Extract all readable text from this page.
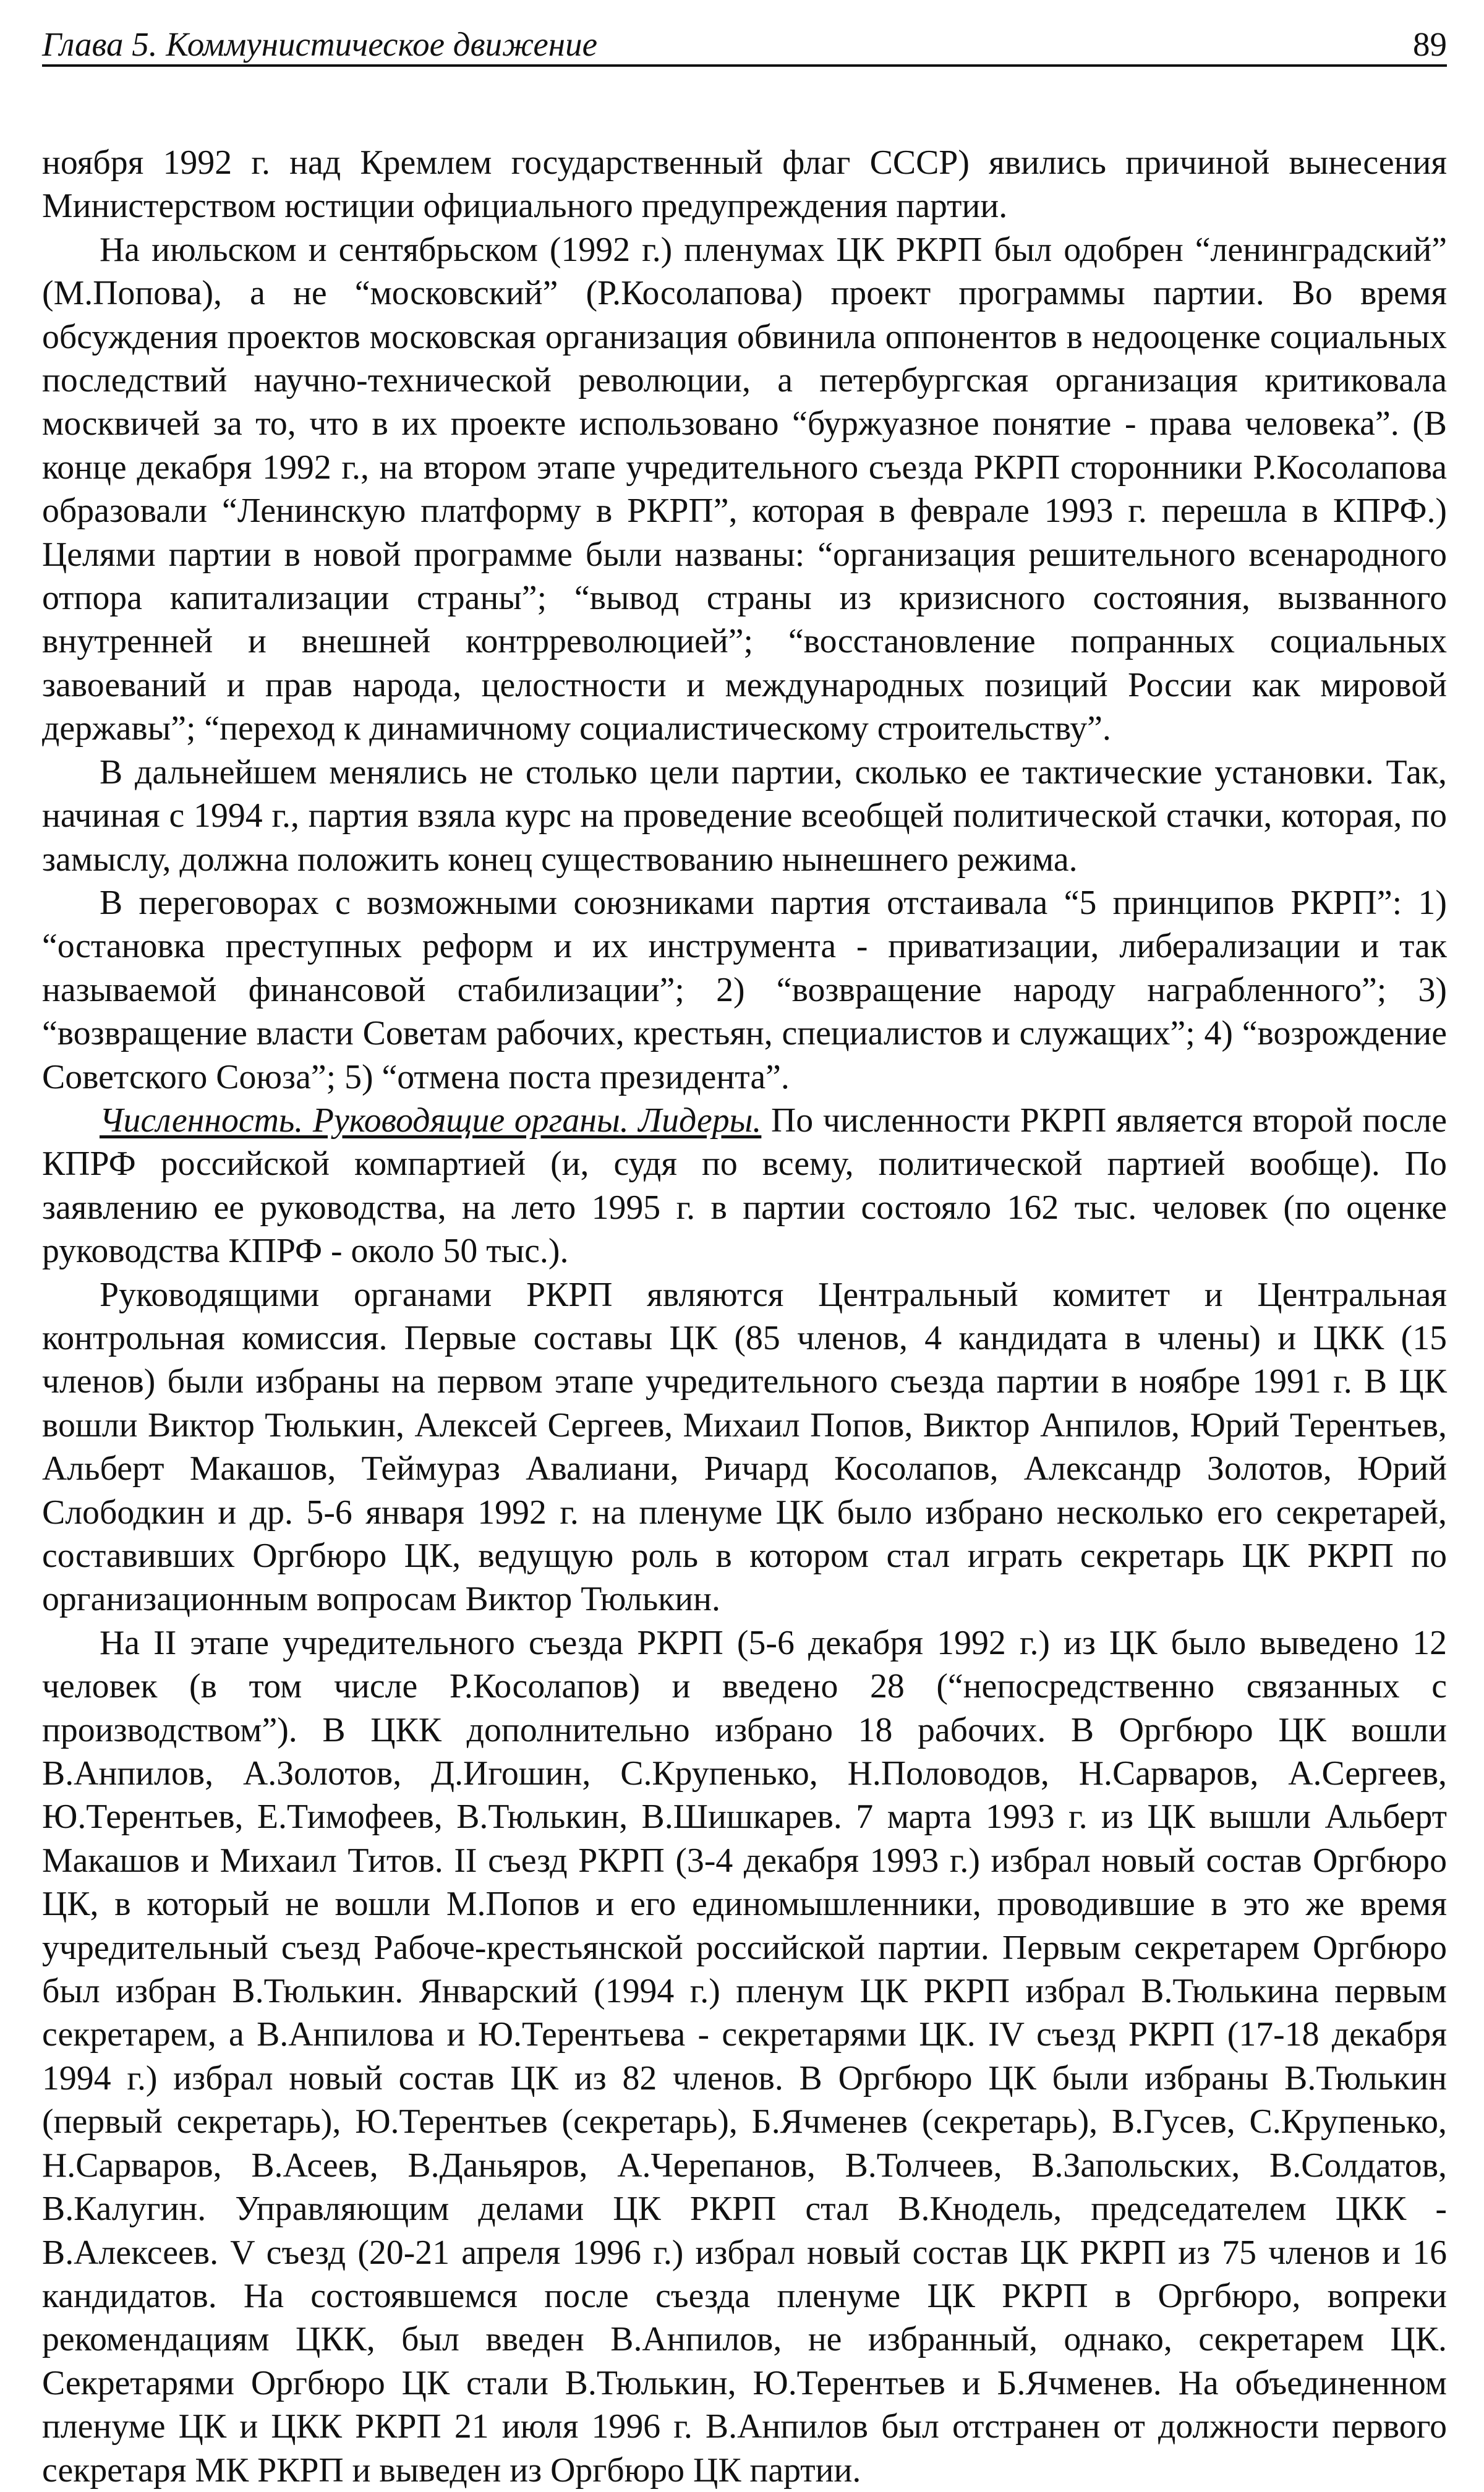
Глава 5. Коммунистическое движение	89

ноября 1992 г. над Кремлем государственный флаг СССР) явились причиной вынесения Министерством юстиции официального предупреждения партии.

На июльском и сентябрьском (1992 г.) пленумах ЦК РКРП был одобрен “ленинградский” (М.Попова), а не “московский” (Р.Косолапова) проект программы партии. Во время обсуждения проектов московская организация обвинила оппонентов в недооценке социальных последствий научно-технической революции, а петербургская организация критиковала москвичей за то, что в их проекте использовано “буржуазное понятие - права человека”. (В конце декабря 1992 г., на втором этапе учредительного съезда РКРП сторонники Р.Косолапова образовали “Ленинскую платформу в РКРП”, которая в феврале 1993 г. перешла в КПРФ.) Целями партии в новой программе были названы: “организация решительного всенародного отпора капитализации страны”; “вывод страны из кризисного состояния, вызванного внутренней и внешней контрреволюцией”; “восстановление попранных социальных завоеваний и прав народа, целостности и международных позиций России как мировой державы”; “переход к динамичному социалистическому строительству”.

В дальнейшем менялись не столько цели партии, сколько ее тактические установки. Так, начиная с 1994 г., партия взяла курс на проведение всеобщей политической стачки, которая, по замыслу, должна положить конец существованию нынешнего режима.

В переговорах с возможными союзниками партия отстаивала “5 принципов РКРП”: 1) “остановка преступных реформ и их инструмента - приватизации, либерализации и так называемой финансовой стабилизации”; 2) “возвращение народу награбленного”; 3) “возвращение власти Советам рабочих, крестьян, специалистов и служащих”; 4) “возрождение Советского Союза”; 5) “отмена поста президента”.

Численность. Руководящие органы. Лидеры. По численности РКРП является второй после КПРФ российской компартией (и, судя по всему, политической партией вообще). По заявлению ее руководства, на лето 1995 г. в партии состояло 162 тыс. человек (по оценке руководства КПРФ - около 50 тыс.).

Руководящими органами РКРП являются Центральный комитет и Центральная контрольная комиссия. Первые составы ЦК (85 членов, 4 кандидата в члены) и ЦКК (15 членов) были избраны на первом этапе учредительного съезда партии в ноябре 1991 г. В ЦК вошли Виктор Тюлькин, Алексей Сергеев, Михаил Попов, Виктор Анпилов, Юрий Терентьев, Альберт Макашов, Теймураз Авалиани, Ричард Косолапов, Александр Золотов, Юрий Слободкин и др. 5-6 января 1992 г. на пленуме ЦК было избрано несколько его секретарей, составивших Оргбюро ЦК, ведущую роль в котором стал играть секретарь ЦК РКРП по организационным вопросам Виктор Тюлькин.

На II этапе учредительного съезда РКРП (5-6 декабря 1992 г.) из ЦК было выведено 12 человек (в том числе Р.Косолапов) и введено 28 (“непосредственно связанных с производством”). В ЦКК дополнительно избрано 18 рабочих. В Оргбюро ЦК вошли В.Анпилов, А.Золотов, Д.Игошин, С.Крупенько, Н.Половодов, Н.Сарваров, А.Сергеев, Ю.Терентьев, Е.Тимофеев, В.Тюлькин, В.Шишкарев. 7 марта 1993 г. из ЦК вышли Альберт Макашов и Михаил Титов. II съезд РКРП (3-4 декабря 1993 г.) избрал новый состав Оргбюро ЦК, в который не вошли М.Попов и его единомышленники, проводившие в это же время учредительный съезд Рабоче-крестьянской российской партии. Первым секретарем Оргбюро был избран В.Тюлькин. Январский (1994 г.) пленум ЦК РКРП избрал В.Тюлькина первым секретарем, а В.Анпилова и Ю.Терентьева - секретарями ЦК. IV съезд РКРП (17-18 декабря 1994 г.) избрал новый состав ЦК из 82 членов. В Оргбюро ЦК были избраны В.Тюлькин (первый секретарь), Ю.Терентьев (секретарь), Б.Ячменев (секретарь), В.Гусев, С.Крупенько, Н.Сарваров, В.Асеев, В.Даньяров, А.Черепанов, В.Толчеев, В.Запольских, В.Солдатов, В.Калугин. Управляющим делами ЦК РКРП стал В.Кнодель, председателем ЦКК - В.Алексеев. V съезд (20-21 апреля 1996 г.) избрал новый состав ЦК РКРП из 75 членов и 16 кандидатов. На состоявшемся после съезда пленуме ЦК РКРП в Оргбюро, вопреки рекомендациям ЦКК, был введен В.Анпилов, не избранный, однако, секретарем ЦК. Секретарями Оргбюро ЦК стали В.Тюлькин, Ю.Терентьев и Б.Ячменев. На объединенном пленуме ЦК и ЦКК РКРП 21 июля 1996 г. В.Анпилов был отстранен от должности первого секретаря МК РКРП и выведен из Оргбюро ЦК партии.
